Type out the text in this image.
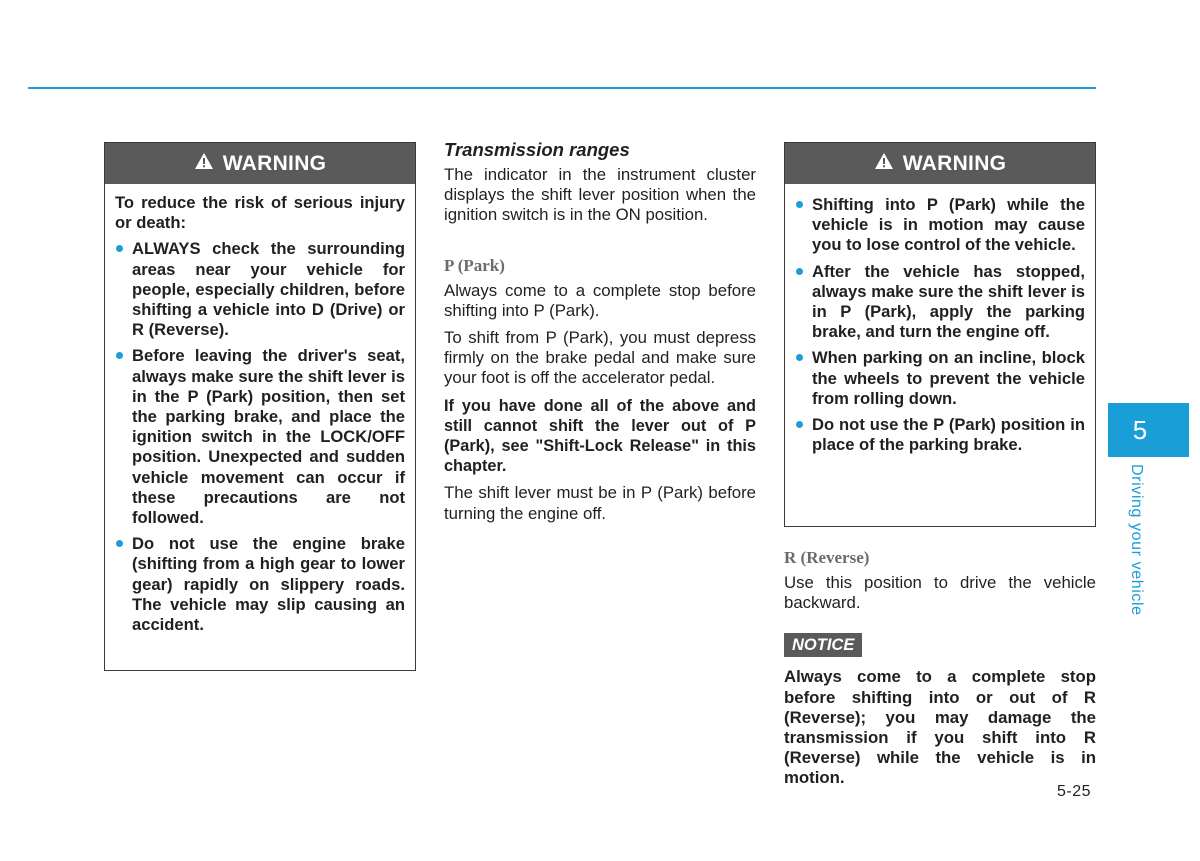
WARNING

To reduce the risk of serious injury or death:

ALWAYS check the surrounding areas near your vehicle for people, especially children, before shifting a vehicle into D (Drive) or R (Reverse).
Before leaving the driver's seat, always make sure the shift lever is in the P (Park) position, then set the parking brake, and place the ignition switch in the LOCK/OFF position. Unexpected and sudden vehicle movement can occur if these precautions are not followed.
Do not use the engine brake (shifting from a high gear to lower gear) rapidly on slippery roads. The vehicle may slip causing an accident.
Transmission ranges

The indicator in the instrument cluster displays the shift lever position when the ignition switch is in the ON position.

P (Park)

Always come to a complete stop before shifting into P (Park).

To shift from P (Park), you must depress firmly on the brake pedal and make sure your foot is off the accelerator pedal.

If you have done all of the above and still cannot shift the lever out of P (Park), see "Shift-Lock Release" in this chapter.

The shift lever must be in P (Park) before turning the engine off.

WARNING
Shifting into P (Park) while the vehicle is in motion may cause you to lose control of the vehicle.
After the vehicle has stopped, always make sure the shift lever is in P (Park), apply the parking brake, and turn the engine off.
When parking on an incline, block the wheels to prevent the vehicle from rolling down.
Do not use the P (Park) position in place of the parking brake.
R (Reverse)

Use this position to drive the vehicle backward.

NOTICE

Always come to a complete stop before shifting into or out of R (Reverse); you may damage the transmission if you shift into R (Reverse) while the vehicle is in motion.

5
Driving your vehicle
5-25
